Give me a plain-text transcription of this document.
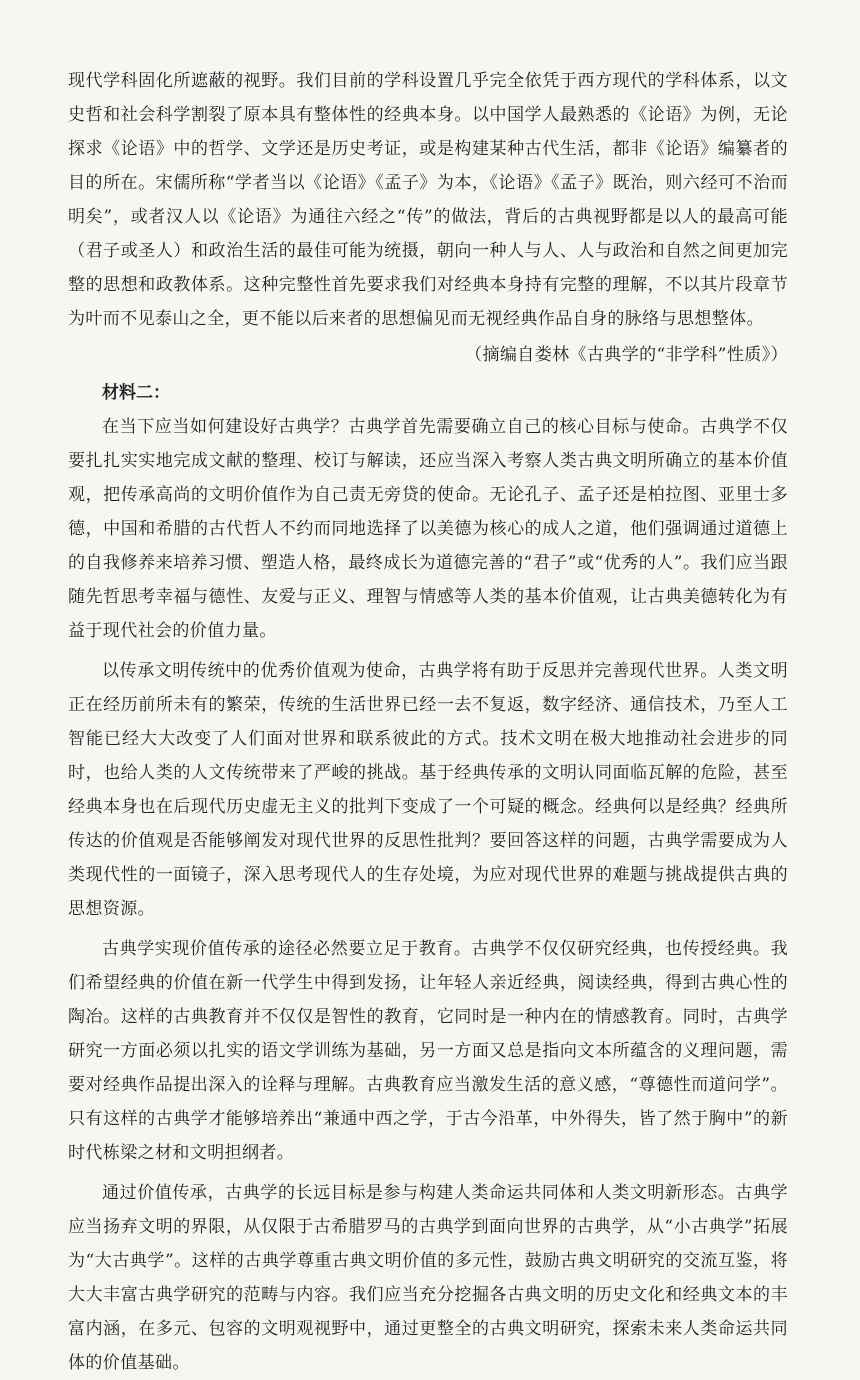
现代学科固化所遮蔽的视野。我们目前的学科设置几乎完全依凭于西方现代的学科体系，以文史哲和社会科学割裂了原本具有整体性的经典本身。以中国学人最熟悉的《论语》为例，无论探求《论语》中的哲学、文学还是历史考证，或是构建某种古代生活，都非《论语》编纂者的目的所在。宋儒所称“学者当以《论语》《孟子》为本，《论语》《孟子》既治，则六经可不治而明矣”，或者汉人以《论语》为通往六经之“传”的做法，背后的古典视野都是以人的最高可能（君子或圣人）和政治生活的最佳可能为统摄，朝向一种人与人、人与政治和自然之间更加完整的思想和政教体系。这种完整性首先要求我们对经典本身持有完整的理解，不以其片段章节为叶而不见泰山之全，更不能以后来者的思想偏见而无视经典作品自身的脉络与思想整体。

（摘编自娄林《古典学的“非学科”性质》）

材料二：

在当下应当如何建设好古典学？古典学首先需要确立自己的核心目标与使命。古典学不仅要扎扎实实地完成文献的整理、校订与解读，还应当深入考察人类古典文明所确立的基本价值观，把传承高尚的文明价值作为自己责无旁贷的使命。无论孔子、孟子还是柏拉图、亚里士多德，中国和希腊的古代哲人不约而同地选择了以美德为核心的成人之道，他们强调通过道德上的自我修养来培养习惯、塑造人格，最终成长为道德完善的“君子”或“优秀的人”。我们应当跟随先哲思考幸福与德性、友爱与正义、理智与情感等人类的基本价值观，让古典美德转化为有益于现代社会的价值力量。

以传承文明传统中的优秀价值观为使命，古典学将有助于反思并完善现代世界。人类文明正在经历前所未有的繁荣，传统的生活世界已经一去不复返，数字经济、通信技术，乃至人工智能已经大大改变了人们面对世界和联系彼此的方式。技术文明在极大地推动社会进步的同时，也给人类的人文传统带来了严峻的挑战。基于经典传承的文明认同面临瓦解的危险，甚至经典本身也在后现代历史虚无主义的批判下变成了一个可疑的概念。经典何以是经典？经典所传达的价值观是否能够阐发对现代世界的反思性批判？要回答这样的问题，古典学需要成为人类现代性的一面镜子，深入思考现代人的生存处境，为应对现代世界的难题与挑战提供古典的思想资源。

古典学实现价值传承的途径必然要立足于教育。古典学不仅仅研究经典，也传授经典。我们希望经典的价值在新一代学生中得到发扬，让年轻人亲近经典，阅读经典，得到古典心性的陶冶。这样的古典教育并不仅仅是智性的教育，它同时是一种内在的情感教育。同时，古典学研究一方面必须以扎实的语文学训练为基础，另一方面又总是指向文本所蕴含的义理问题，需要对经典作品提出深入的诠释与理解。古典教育应当激发生活的意义感，“尊德性而道问学”。只有这样的古典学才能够培养出“兼通中西之学，于古今沿革，中外得失，皆了然于胸中”的新时代栋梁之材和文明担纲者。

通过价值传承，古典学的长远目标是参与构建人类命运共同体和人类文明新形态。古典学应当扬弃文明的界限，从仅限于古希腊罗马的古典学到面向世界的古典学，从“小古典学”拓展为“大古典学”。这样的古典学尊重古典文明价值的多元性，鼓励古典文明研究的交流互鉴，将大大丰富古典学研究的范畴与内容。我们应当充分挖掘各古典文明的历史文化和经典文本的丰富内涵，在多元、包容的文明观视野中，通过更整全的古典文明研究，探索未来人类命运共同体的价值基础。
